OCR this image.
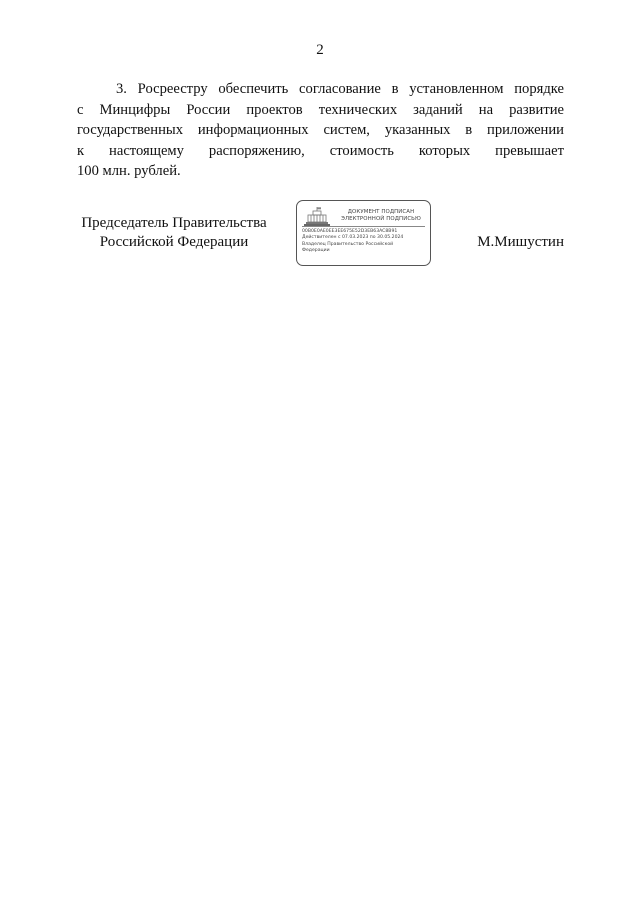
2
3. Росреестру обеспечить согласование в установленном порядке
с Минцифры России проектов технических заданий на развитие
государственных информационных систем, указанных в приложении
к настоящему распоряжению, стоимость которых превышает
100 млн. рублей.
Председатель Правительства
Российской Федерации
ДОКУМЕНТ ПОДПИСАН
ЭЛЕКТРОННОЙ ПОДПИСЬЮ
00B0E0AE0EE3EE675E52D3EB63AC8B91
Действителен с 07.03.2023 по 30.05.2024
Владелец Правительство Российской
Федерации
М.Мишустин
